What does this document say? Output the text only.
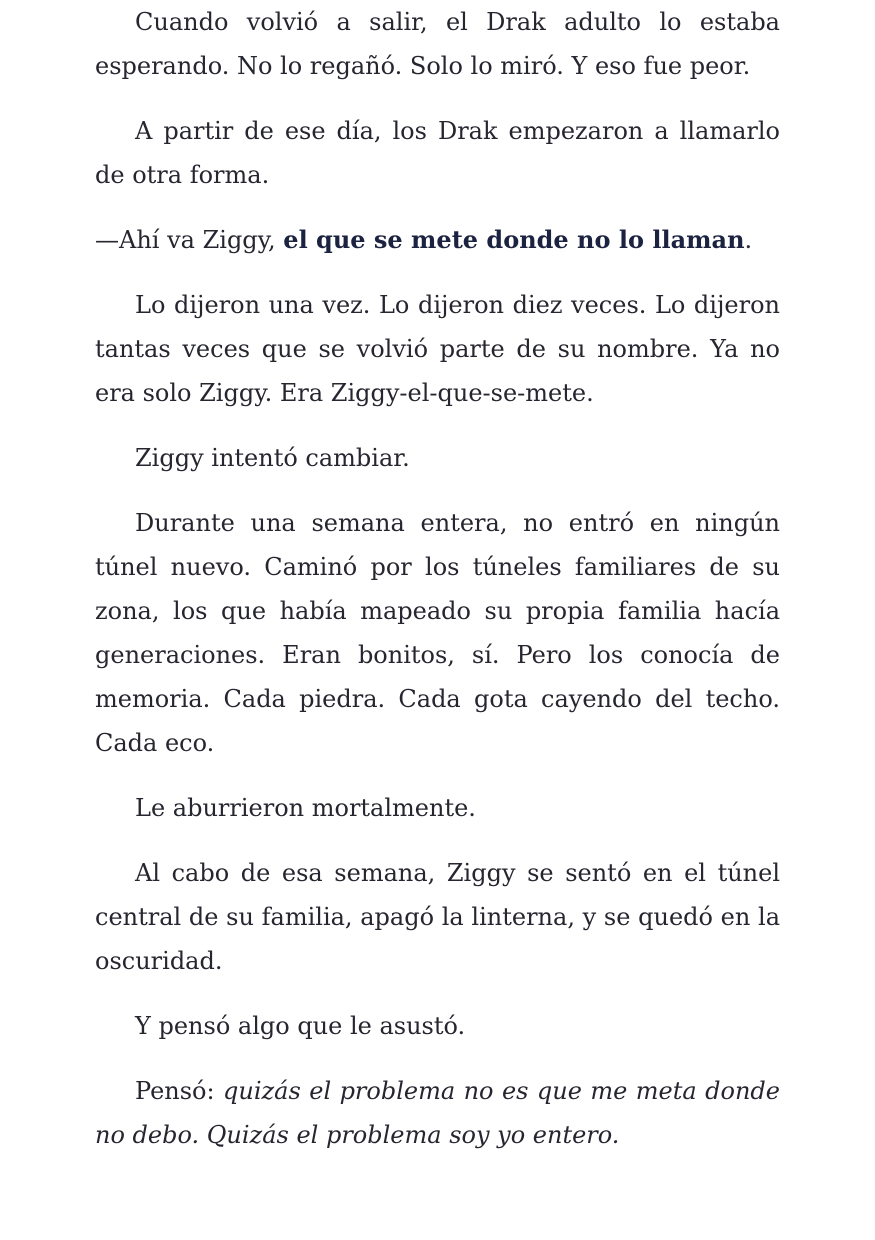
Cuando volvió a salir, el Drak adulto lo estaba esperando. No lo regañó. Solo lo miró. Y eso fue peor.

A partir de ese día, los Drak empezaron a llamarlo de otra forma.

—Ahí va Ziggy, el que se mete donde no lo llaman.

Lo dijeron una vez. Lo dijeron diez veces. Lo dijeron tantas veces que se volvió parte de su nombre. Ya no era solo Ziggy. Era Ziggy-el-que-se-mete.

Ziggy intentó cambiar.

Durante una semana entera, no entró en ningún túnel nuevo. Caminó por los túneles familiares de su zona, los que había mapeado su propia familia hacía generaciones. Eran bonitos, sí. Pero los conocía de memoria. Cada piedra. Cada gota cayendo del techo. Cada eco.

Le aburrieron mortalmente.

Al cabo de esa semana, Ziggy se sentó en el túnel central de su familia, apagó la linterna, y se quedó en la oscuridad.

Y pensó algo que le asustó.

Pensó: quizás el problema no es que me meta donde no debo. Quizás el problema soy yo entero.
